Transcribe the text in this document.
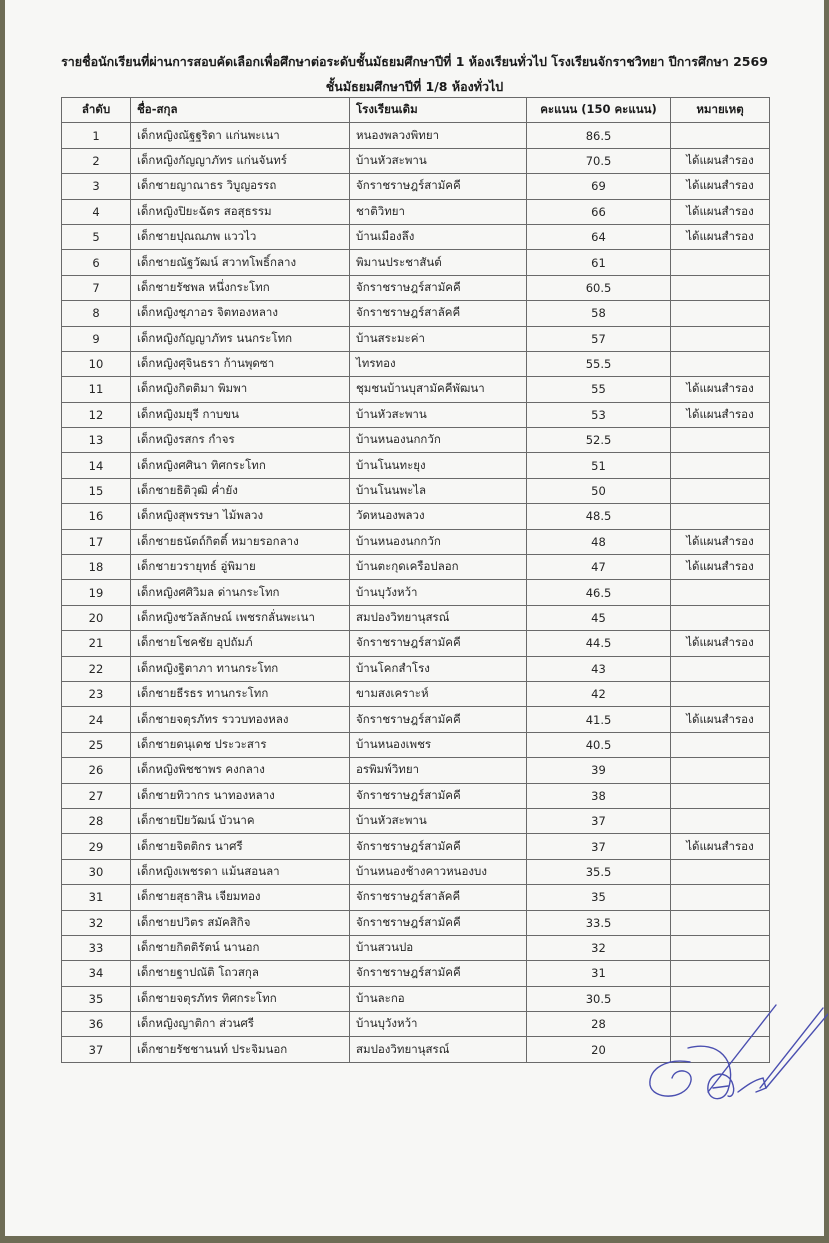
รายชื่อนักเรียนที่ผ่านการสอบคัดเลือกเพื่อศึกษาต่อระดับชั้นมัธยมศึกษาปีที่ 1 ห้องเรียนทั่วไป โรงเรียนจักราชวิทยา ปีการศึกษา 2569
ชั้นมัธยมศึกษาปีที่ 1/8 ห้องทั่วไป
ลำดับ	ชื่อ-สกุล	โรงเรียนเดิม	คะแนน (150 คะแนน)	หมายเหตุ
1	เด็กหญิงณัฐฐริดา แก่นพะเนา	หนองพลวงพิทยา	86.5	
2	เด็กหญิงกัญญาภัทร แก่นจันทร์	บ้านหัวสะพาน	70.5	ได้แผนสำรอง
3	เด็กชายญาณาธร วิบูญอรรถ	จักราชราษฎร์สามัคคี	69	ได้แผนสำรอง
4	เด็กหญิงปิยะฉัตร สอสุธรรม	ชาติวิทยา	66	ได้แผนสำรอง
5	เด็กชายปุณณภพ แววไว	บ้านเมืองลึง	64	ได้แผนสำรอง
6	เด็กชายณัฐวัฒน์ สวาทโพธิ์กลาง	พิมานประชาสันต์	61	
7	เด็กชายรัชพล หนึ่งกระโทก	จักราชราษฎร์สามัคคี	60.5	
8	เด็กหญิงชุภาอร จิตทองหลาง	จักราชราษฎร์สาลัคคี	58	
9	เด็กหญิงกัญญาภัทร นนกระโทก	บ้านสระมะค่า	57	
10	เด็กหญิงศุจินธรา ก้านพุดซา	ไทรทอง	55.5	
11	เด็กหญิงกิตติมา พิมพา	ชุมชนบ้านบุสามัคคีพัฒนา	55	ได้แผนสำรอง
12	เด็กหญิงมยุรี กาบขน	บ้านหัวสะพาน	53	ได้แผนสำรอง
13	เด็กหญิงรสกร กำจร	บ้านหนองนกกวัก	52.5	
14	เด็กหญิงศศินา ทิศกระโทก	บ้านโนนทะยุง	51	
15	เด็กชายธิติวุฒิ ค่ำยัง	บ้านโนนพะไล	50	
16	เด็กหญิงสุพรรษา ไม้พลวง	วัดหนองพลวง	48.5	
17	เด็กชายธนัตถ์กิตติ์ หมายรอกลาง	บ้านหนองนกกวัก	48	ได้แผนสำรอง
18	เด็กชายวรายุทธ์ อู่พิมาย	บ้านตะกุดเครือปลอก	47	ได้แผนสำรอง
19	เด็กหญิงศศิวิมล ด่านกระโทก	บ้านบุวังหว้า	46.5	
20	เด็กหญิงชวัลลักษณ์ เพชรกลั่นพะเนา	สมปองวิทยานุสรณ์	45	
21	เด็กชายโชคชัย อุปถัมภ์	จักราชราษฎร์สามัคคี	44.5	ได้แผนสำรอง
22	เด็กหญิงฐิตาภา ทานกระโทก	บ้านโคกสำโรง	43	
23	เด็กชายธีรธร ทานกระโทก	ขามสงเคราะห์	42	
24	เด็กชายจตุรภัทร รววบทองหลง	จักราชราษฎร์สามัคคี	41.5	ได้แผนสำรอง
25	เด็กชายดนุเดช ประวะสาร	บ้านหนองเพชร	40.5	
26	เด็กหญิงพิชชาพร คงกลาง	อรพิมพ์วิทยา	39	
27	เด็กชายทิวากร นาทองหลาง	จักราชราษฎร์สามัคคี	38	
28	เด็กชายปิยวัฒน์ บัวนาค	บ้านหัวสะพาน	37	
29	เด็กชายจิตติกร นาศรี	จักราชราษฎร์สามัคคี	37	ได้แผนสำรอง
30	เด็กหญิงเพชรดา แม้นสอนลา	บ้านหนองช้างคาวหนองบง	35.5	
31	เด็กชายสุธาสิน เจียมทอง	จักราชราษฎร์สาลัคคี	35	
32	เด็กชายปวิตร สมัคสิกิจ	จักราชราษฎร์สามัคคี	33.5	
33	เด็กชายกิตติรัตน์ นานอก	บ้านสวนปอ	32	
34	เด็กชายฐาปณัติ โถวสกุล	จักราชราษฎร์สามัคคี	31	
35	เด็กชายจตุรภัทร ทิศกระโทก	บ้านละกอ	30.5	
36	เด็กหญิงญาติกา ส่วนศรี	บ้านบุวังหว้า	28	
37	เด็กชายรัชชานนท์ ประจิมนอก	สมปองวิทยานุสรณ์	20	
